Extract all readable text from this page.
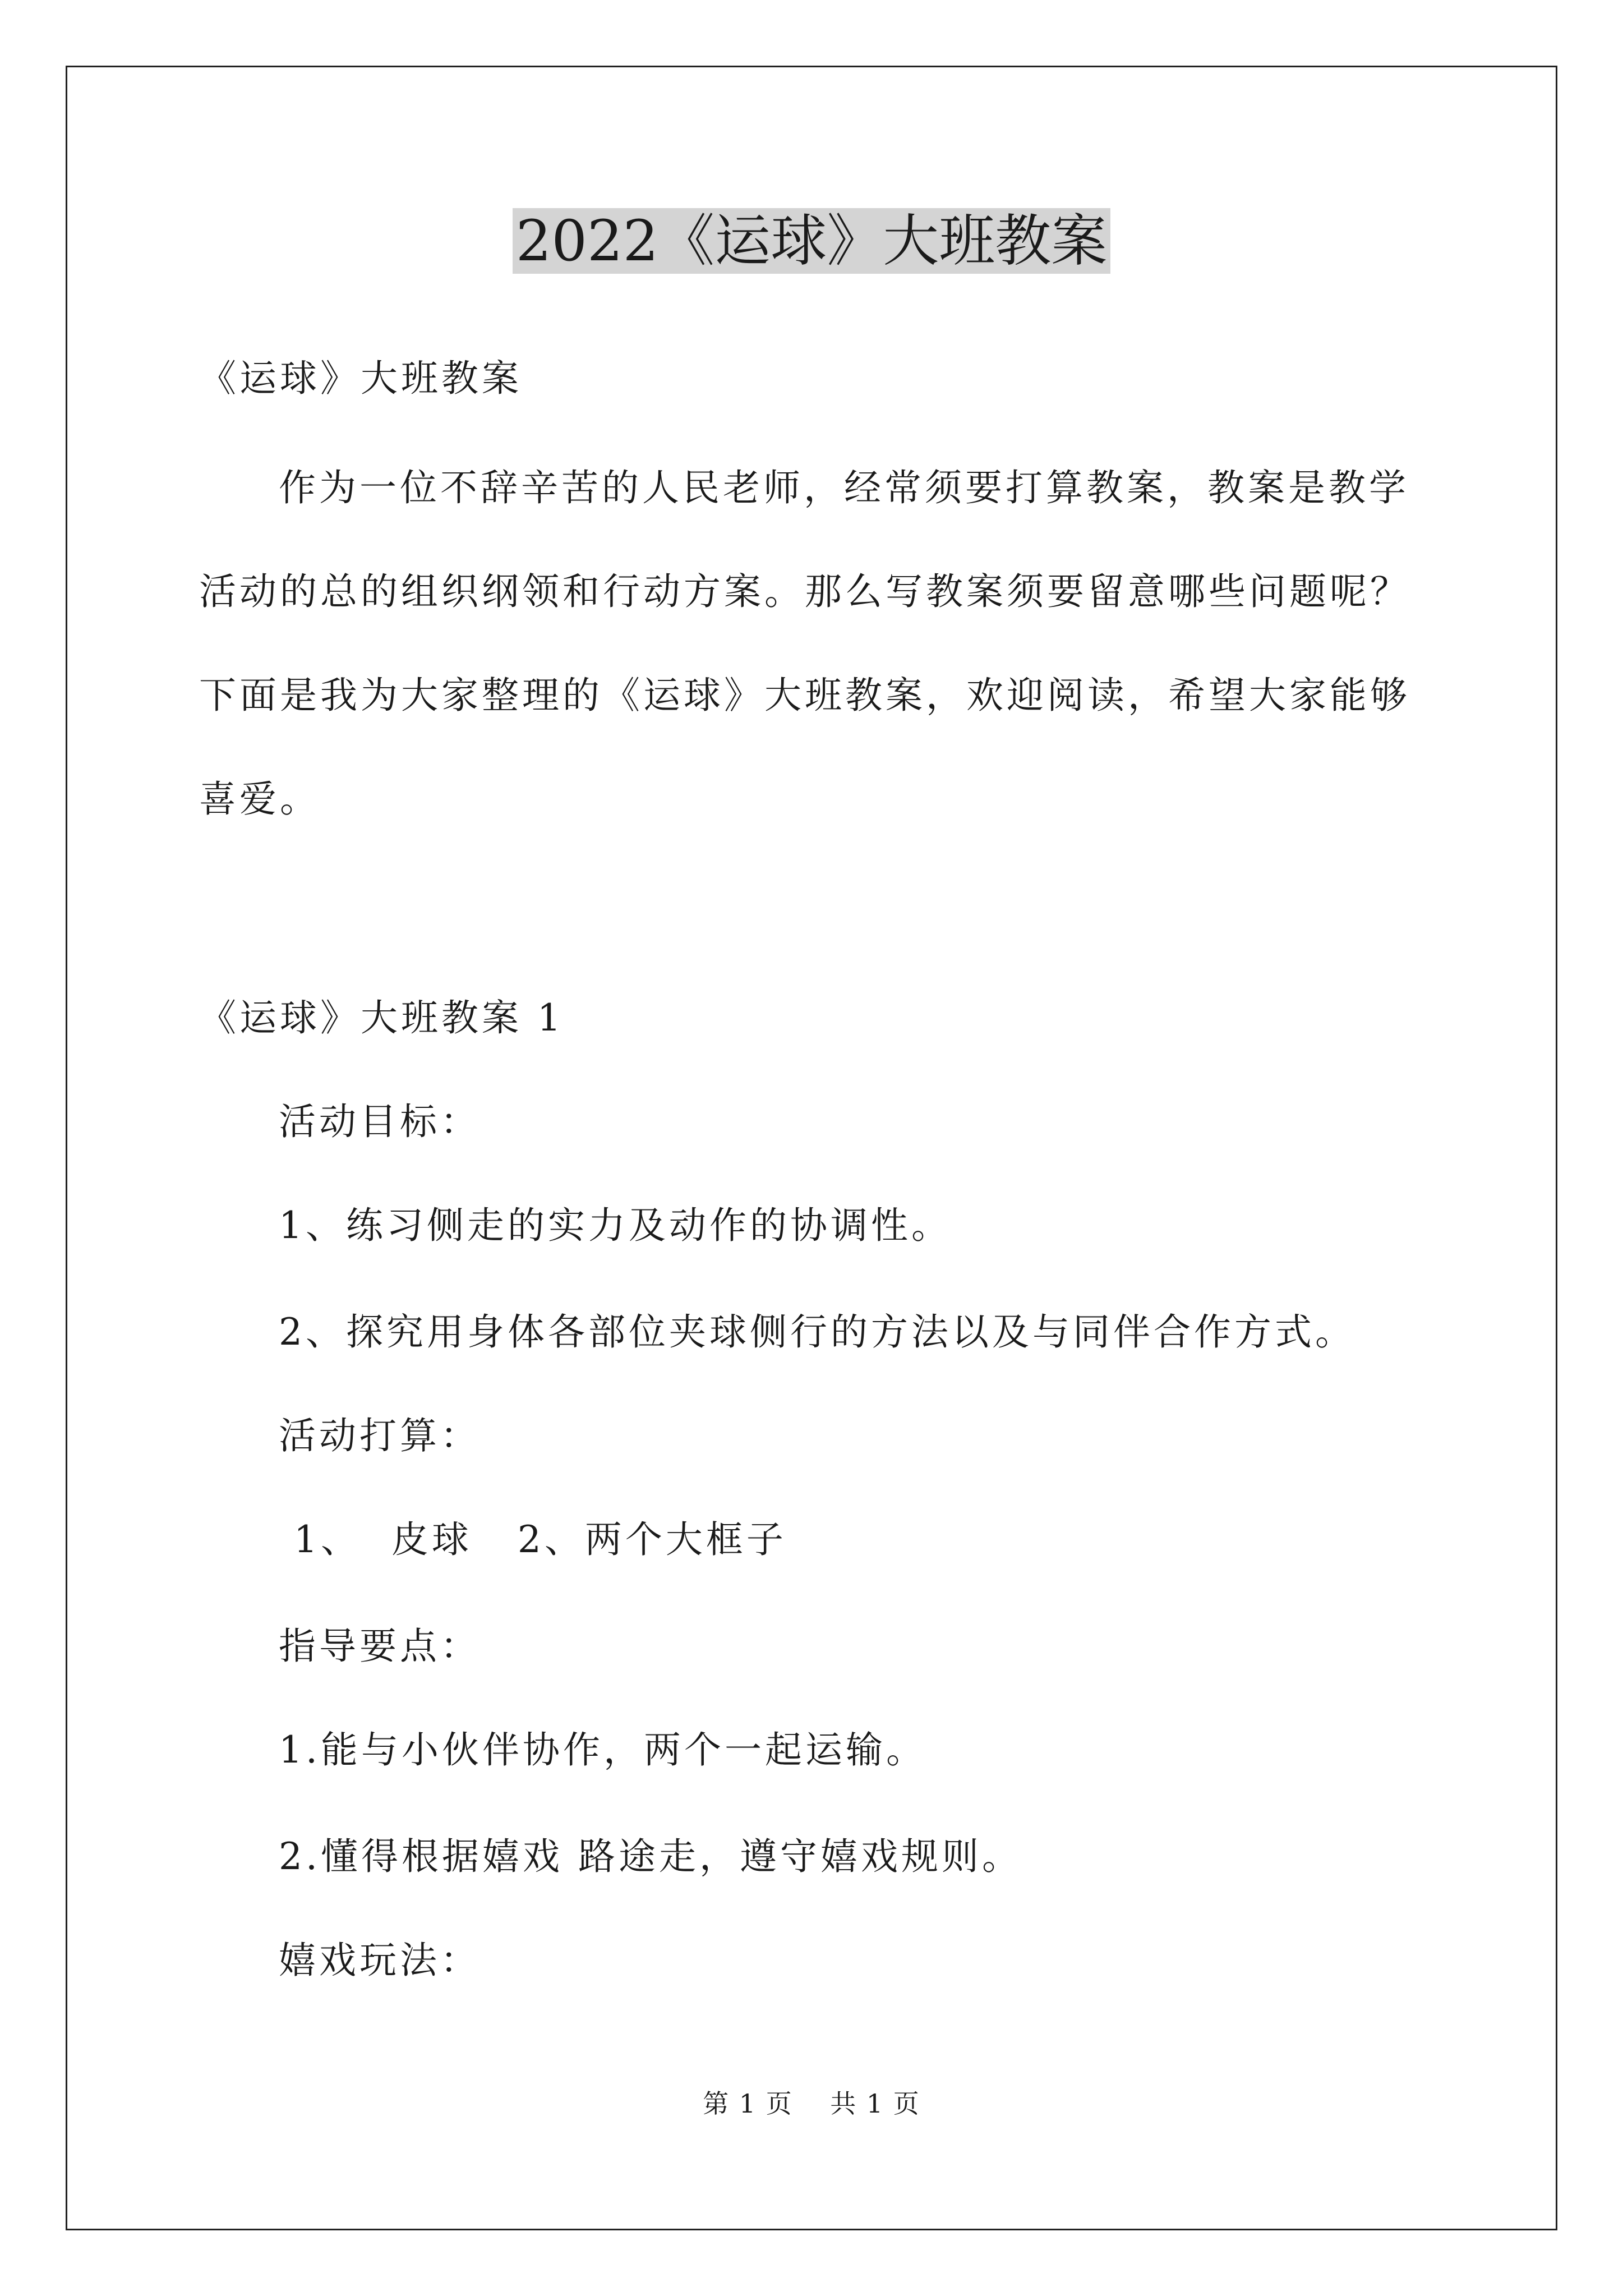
2022《运球》大班教案
《运球》大班教案
作为一位不辞辛苦的人民老师，经常须要打算教案，教案是教学
活动的总的组织纲领和行动方案。那么写教案须要留意哪些问题呢？
下面是我为大家整理的《运球》大班教案，欢迎阅读，希望大家能够
喜爱。
《运球》大班教案 1
活动目标：
1、练习侧走的实力及动作的协调性。
2、探究用身体各部位夹球侧行的方法以及与同伴合作方式。
活动打算：
1、  皮球   2、两个大框子
指导要点：
1.能与小伙伴协作，两个一起运输。
2.懂得根据嬉戏 路途走，遵守嬉戏规则。
嬉戏玩法：
第 1 页    共 1 页
